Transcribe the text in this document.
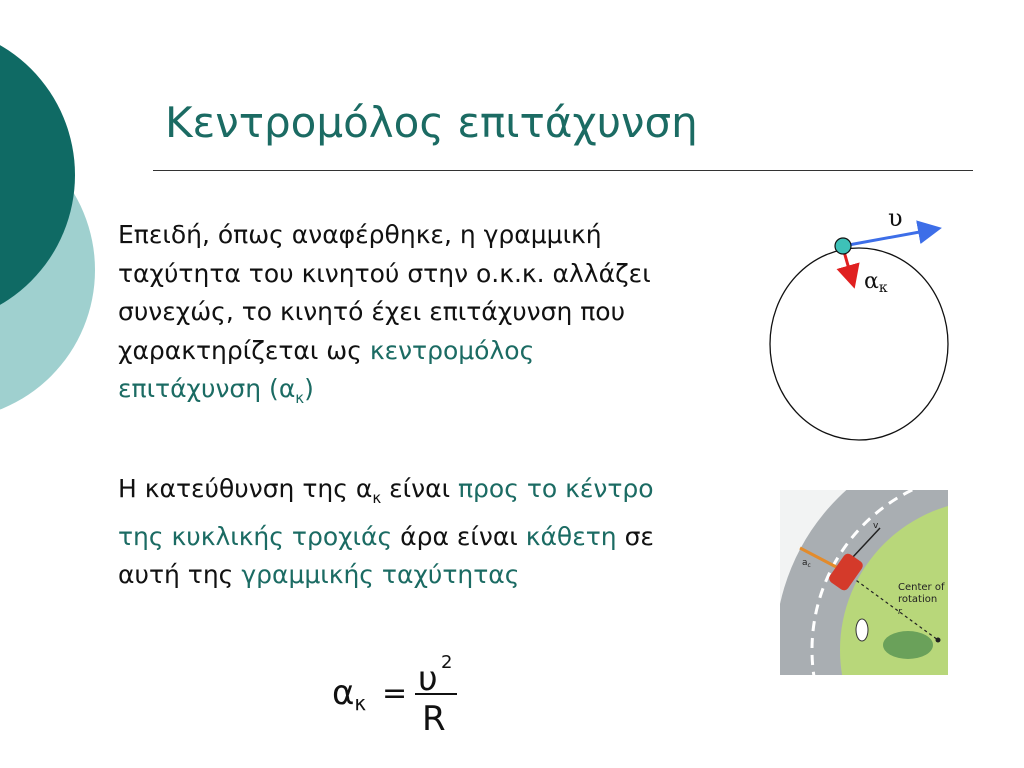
Κεντρομόλος επιτάχυνση

Επειδή, όπως αναφέρθηκε, η γραμμική ταχύτητα του κινητού στην ο.κ.κ. αλλάζει συνεχώς, το κινητό έχει επιτάχυνση που χαρακτηρίζεται ως κεντρομόλος επιτάχυνση $(\alpha_\kappa)$

Η κατεύθυνση της $\alpha_\kappa$ είναι προς το κέντρο της κυκλικής τροχιάς άρα είναι κάθετη σε αυτή της γραμμικής ταχύτητας

υ
ακ
v
$a_c$
Center of rotation
r
ακ = υ 2
R
